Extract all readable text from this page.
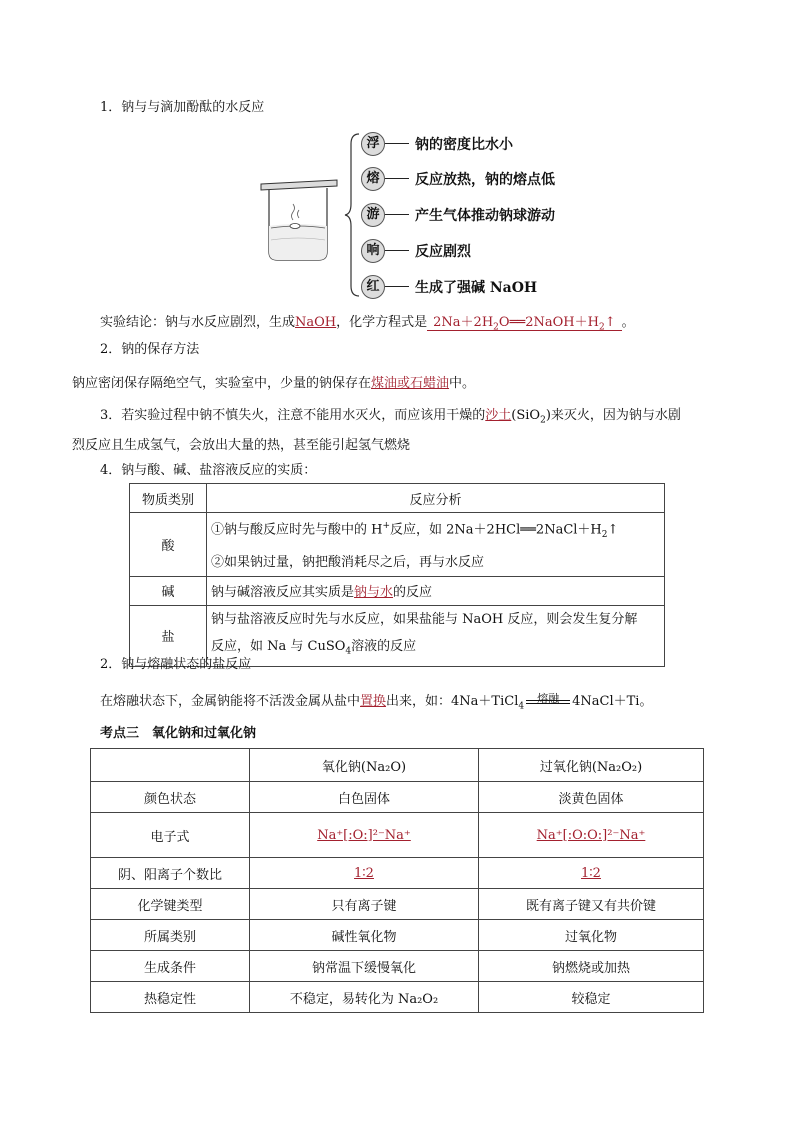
1．钠与与滴加酚酞的水反应
浮	钠的密度比水小
熔	反应放热，钠的熔点低
游	产生气体推动钠球游动
响	反应剧烈
红	生成了强碱 NaOH
实验结论：钠与水反应剧烈，生成NaOH，化学方程式是 $2Na+2H_2O══2NaOH+H_2↑$ 。
2．钠的保存方法
钠应密闭保存隔绝空气，实验室中，少量的钠保存在煤油或石蜡油中。
3．若实验过程中钠不慎失火，注意不能用水灭火，而应该用干燥的沙土(SiO$_2$)来灭火，因为钠与水剧
烈反应且生成氢气，会放出大量的热，甚至能引起氢气燃烧
4．钠与酸、碱、盐溶液反应的实质：
物质类别	反应分析
酸	①钠与酸反应时先与酸中的 H+反应，如 $2Na+2HCl══2NaCl+H_2↑$
②如果钠过量，钠把酸消耗尽之后，再与水反应

碱	钠与碱溶液反应其实质是钠与水的反应
盐	钠与盐溶液反应时先与水反应，如果盐能与 NaOH 反应，则会发生复分解
反应，如 Na 与 CuSO$_4$溶液的反应
2．钠与熔融状态的盐反应
在熔融状态下，金属钠能将不活泼金属从盐中置换出来，如：4Na＋TiCl$_4$
熔融	4NaCl＋Ti。
考点三　氧化钠和过氧化钠
	氧化钠(Na₂O)	过氧化钠(Na₂O₂)
颜色状态	白色固体	淡黄色固体
电子式	Na⁺[:O:]²⁻Na⁺	Na⁺[:O:O:]²⁻Na⁺
阴、阳离子个数比	1∶2	1∶2
化学键类型	只有离子键	既有离子键又有共价键
所属类别	碱性氧化物	过氧化物
生成条件	钠常温下缓慢氧化	钠燃烧或加热
热稳定性	不稳定，易转化为 Na₂O₂	较稳定
